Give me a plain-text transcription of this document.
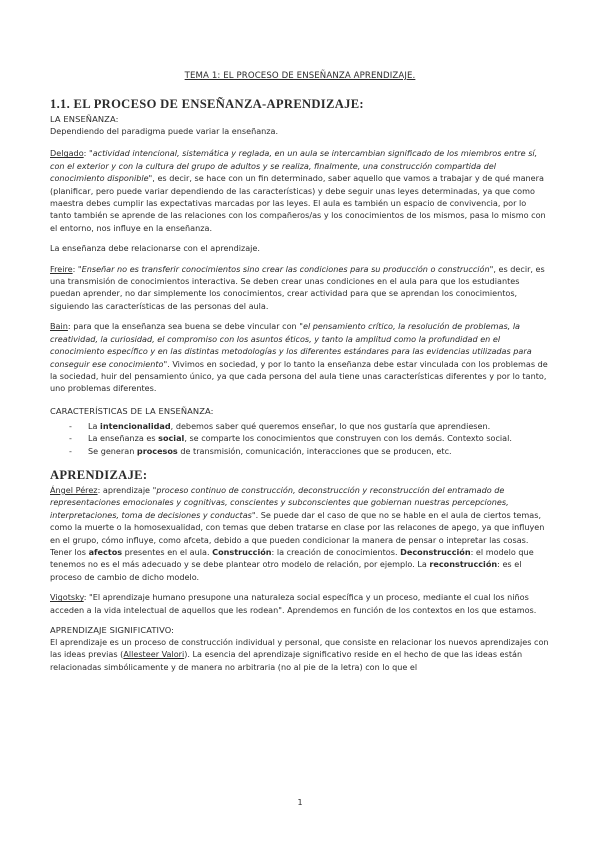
TEMA 1: EL PROCESO DE ENSEÑANZA APRENDIZAJE.
1.1. EL PROCESO DE ENSEÑANZA-APRENDIZAJE:
LA ENSEÑANZA:

Dependiendo del paradigma puede variar la enseñanza.

Delgado: "actividad intencional, sistemática y reglada, en un aula se intercambian significado de los miembros entre sí, con el exterior y con la cultura del grupo de adultos y se realiza, finalmente, una construcción compartida del conocimiento disponible", es decir, se hace con un fin determinado, saber aquello que vamos a trabajar y de qué manera (planificar, pero puede variar dependiendo de las características) y debe seguir unas leyes determinadas, ya que como maestra debes cumplir las expectativas marcadas por las leyes. El aula es también un espacio de convivencia, por lo tanto también se aprende de las relaciones con los compañeros/as y los conocimientos de los mismos, pasa lo mismo con el entorno, nos influye en la enseñanza.

La enseñanza debe relacionarse con el aprendizaje.

Freire: "Enseñar no es transferir conocimientos sino crear las condiciones para su producción o construcción", es decir, es una transmisión de conocimientos interactiva. Se deben crear unas condiciones en el aula para que los estudiantes puedan aprender, no dar simplemente los conocimientos, crear actividad para que se aprendan los conocimientos, siguiendo las características de las personas del aula.

Bain: para que la enseñanza sea buena se debe vincular con "el pensamiento crítico, la resolución de problemas, la creatividad, la curiosidad, el compromiso con los asuntos éticos, y tanto la amplitud como la profundidad en el conocimiento específico y en las distintas metodologías y los diferentes estándares para las evidencias utilizadas para conseguir ese conocimiento". Vivimos en sociedad, y por lo tanto la enseñanza debe estar vinculada con los problemas de la sociedad, huir del pensamiento único, ya que cada persona del aula tiene unas características diferentes y por lo tanto, uno problemas diferentes.

CARACTERÍSTICAS DE LA ENSEÑANZA:
- La intencionalidad, debemos saber qué queremos enseñar, lo que nos gustaría que aprendiesen.
- La enseñanza es social, se comparte los conocimientos que construyen con los demás. Contexto social.
- Se generan procesos de transmisión, comunicación, interacciones que se producen, etc.
APRENDIZAJE:

Ángel Pérez: aprendizaje "proceso continuo de construcción, deconstrucción y reconstrucción del entramado de representaciones emocionales y cognitivas, conscientes y subconscientes que gobiernan nuestras percepciones, interpretaciones, toma de decisiones y conductas". Se puede dar el caso de que no se hable en el aula de ciertos temas, como la muerte o la homosexualidad, con temas que deben tratarse en clase por las relacones de apego, ya que influyen en el grupo, cómo influye, como afceta, debido a que pueden condicionar la manera de pensar o intepretar las cosas. Tener los afectos presentes en el aula. Construcción: la creación de conocimientos. Deconstrucción: el modelo que tenemos no es el más adecuado y se debe plantear otro modelo de relación, por ejemplo. La reconstrucción: es el proceso de cambio de dicho modelo.

Vigotsky: "El aprendizaje humano presupone una naturaleza social específica y un proceso, mediante el cual los niños acceden a la vida intelectual de aquellos que les rodean". Aprendemos en función de los contextos en los que estamos.

APRENDIZAJE SIGNIFICATIVO:

El aprendizaje es un proceso de construcción individual y personal, que consiste en relacionar los nuevos aprendizajes con las ideas previas (Allesteer Valori). La esencia del aprendizaje significativo reside en el hecho de que las ideas están relacionadas simbólicamente y de manera no arbitraria (no al pie de la letra) con lo que el

1
